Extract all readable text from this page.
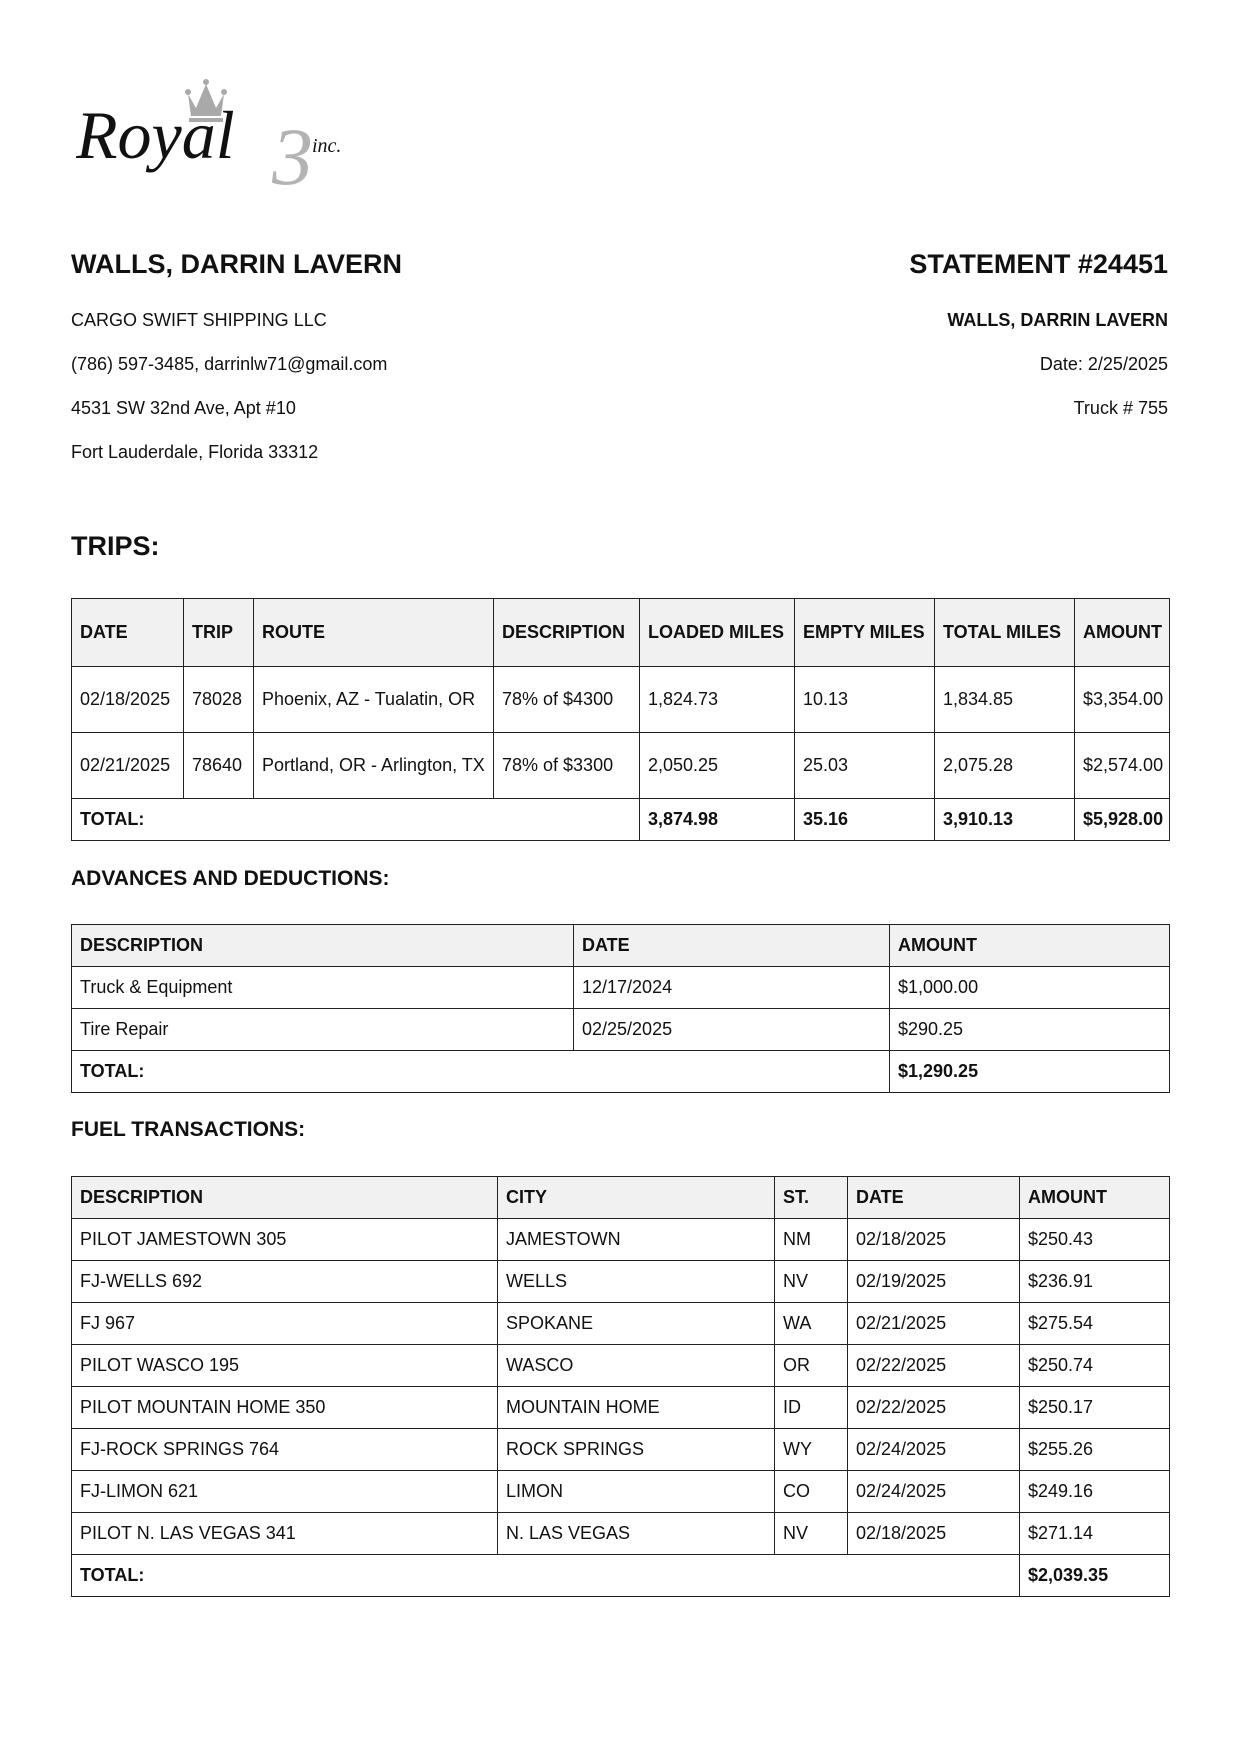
Royal 3 inc.
WALLS, DARRIN LAVERN
CARGO SWIFT SHIPPING LLC
(786) 597-3485, darrinlw71@gmail.com
4531 SW 32nd Ave, Apt #10
Fort Lauderdale, Florida 33312
STATEMENT #24451
WALLS, DARRIN LAVERN
Date: 2/25/2025
Truck # 755
TRIPS:
DATE	TRIP	ROUTE	DESCRIPTION	LOADED MILES	EMPTY MILES	TOTAL MILES	AMOUNT
02/18/2025	78028	Phoenix, AZ - Tualatin, OR	78% of $4300	1,824.73	10.13	1,834.85	$3,354.00
02/21/2025	78640	Portland, OR - Arlington, TX	78% of $3300	2,050.25	25.03	2,075.28	$2,574.00
TOTAL:				3,874.98	35.16	3,910.13	$5,928.00
ADVANCES AND DEDUCTIONS:
DESCRIPTION	DATE	AMOUNT
Truck & Equipment	12/17/2024	$1,000.00
Tire Repair	02/25/2025	$290.25
TOTAL:		$1,290.25
FUEL TRANSACTIONS:
DESCRIPTION	CITY	ST.	DATE	AMOUNT
PILOT JAMESTOWN 305	JAMESTOWN	NM	02/18/2025	$250.43
FJ-WELLS 692	WELLS	NV	02/19/2025	$236.91
FJ 967	SPOKANE	WA	02/21/2025	$275.54
PILOT WASCO 195	WASCO	OR	02/22/2025	$250.74
PILOT MOUNTAIN HOME 350	MOUNTAIN HOME	ID	02/22/2025	$250.17
FJ-ROCK SPRINGS 764	ROCK SPRINGS	WY	02/24/2025	$255.26
FJ-LIMON 621	LIMON	CO	02/24/2025	$249.16
PILOT N. LAS VEGAS 341	N. LAS VEGAS	NV	02/18/2025	$271.14
TOTAL:				$2,039.35
